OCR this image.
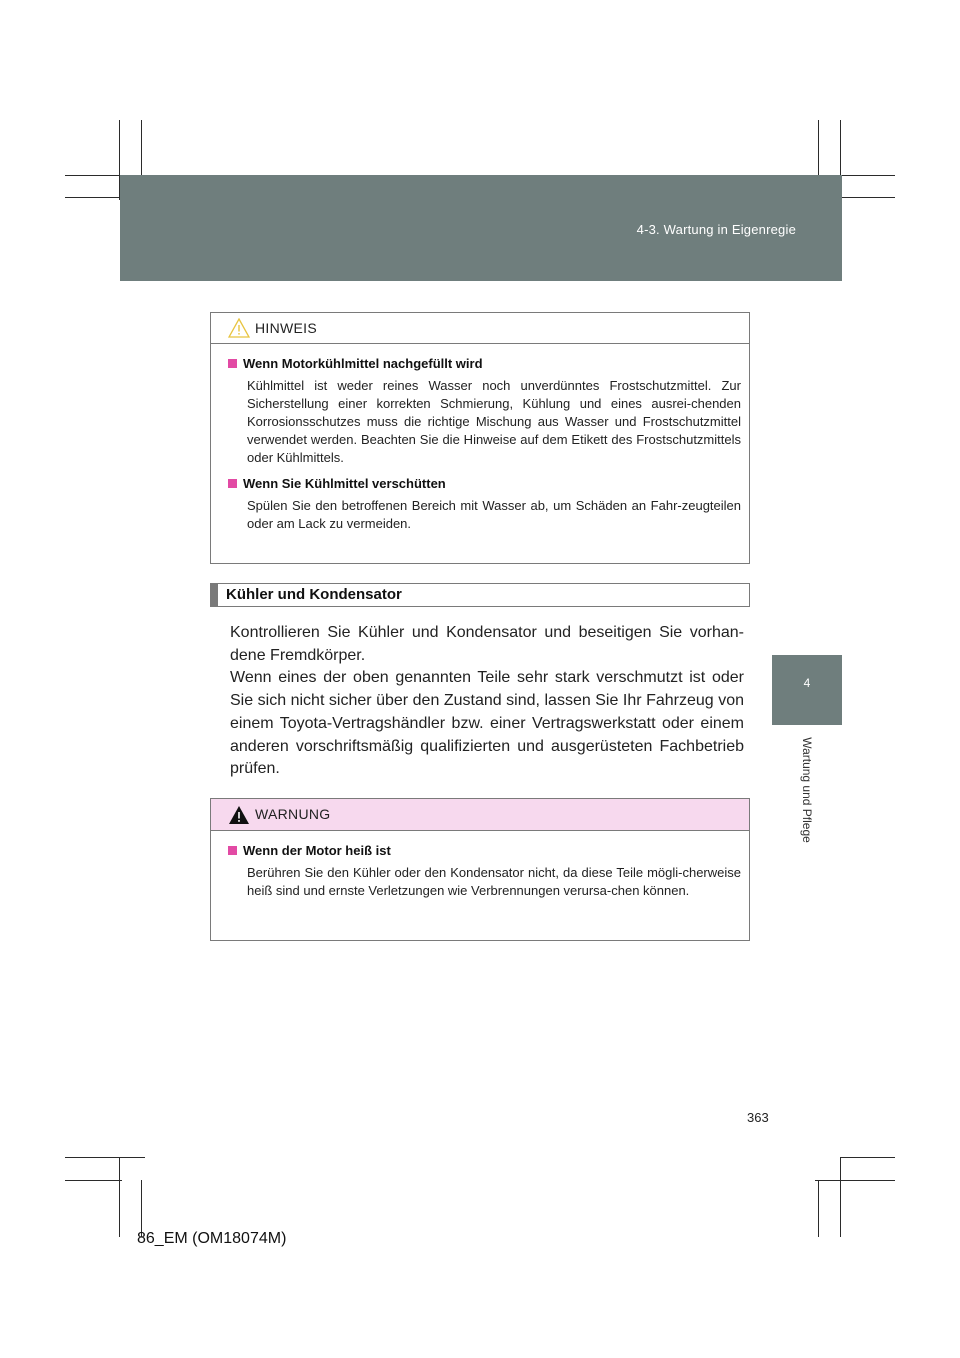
4-3. Wartung in Eigenregie
4
Wartung und Pflege
HINWEIS

Wenn Motorkühlmittel nachgefüllt wird

Kühlmittel ist weder reines Wasser noch unverdünntes Frostschutzmittel. Zur Sicherstellung einer korrekten Schmierung, Kühlung und eines ausrei-chenden Korrosionsschutzes muss die richtige Mischung aus Wasser und Frostschutzmittel verwendet werden. Beachten Sie die Hinweise auf dem Etikett des Frostschutzmittels oder Kühlmittels.

Wenn Sie Kühlmittel verschütten

Spülen Sie den betroffenen Bereich mit Wasser ab, um Schäden an Fahr-zeugteilen oder am Lack zu vermeiden.

Kühler und Kondensator

Kontrollieren Sie Kühler und Kondensator und beseitigen Sie vorhan-dene Fremdkörper.

Wenn eines der oben genannten Teile sehr stark verschmutzt ist oder Sie sich nicht sicher über den Zustand sind, lassen Sie Ihr Fahrzeug von einem Toyota-Vertragshändler bzw. einer Vertragswerkstatt oder einem anderen vorschriftsmäßig qualifizierten und ausgerüsteten Fachbetrieb prüfen.

WARNUNG

Wenn der Motor heiß ist

Berühren Sie den Kühler oder den Kondensator nicht, da diese Teile mögli-cherweise heiß sind und ernste Verletzungen wie Verbrennungen verursa-chen können.

363
86_EM (OM18074M)
